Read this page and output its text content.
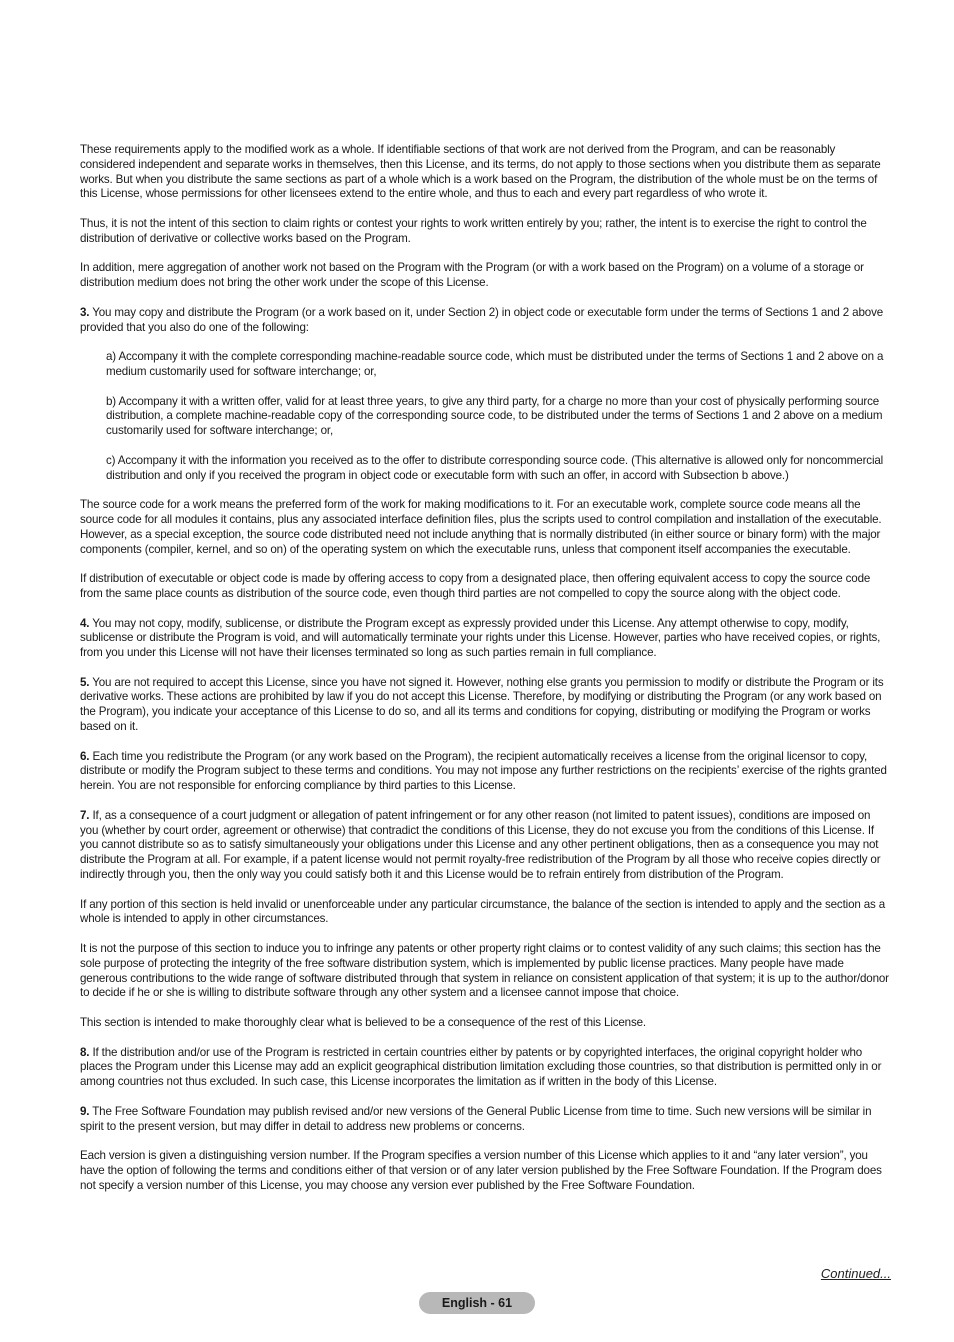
These requirements apply to the modified work as a whole. If identifiable sections of that work are not derived from the Program, and can be reasonably considered independent and separate works in themselves, then this License, and its terms, do not apply to those sections when you distribute them as separate works. But when you distribute the same sections as part of a whole which is a work based on the Program, the distribution of the whole must be on the terms of this License, whose permissions for other licensees extend to the entire whole, and thus to each and every part regardless of who wrote it.

Thus, it is not the intent of this section to claim rights or contest your rights to work written entirely by you; rather, the intent is to exercise the right to control the distribution of derivative or collective works based on the Program.

In addition, mere aggregation of another work not based on the Program with the Program (or with a work based on the Program) on a volume of a storage or distribution medium does not bring the other work under the scope of this License.

3. You may copy and distribute the Program (or a work based on it, under Section 2) in object code or executable form under the terms of Sections 1 and 2 above provided that you also do one of the following:

a) Accompany it with the complete corresponding machine-readable source code, which must be distributed under the terms of Sections 1 and 2 above on a medium customarily used for software interchange; or,

b) Accompany it with a written offer, valid for at least three years, to give any third party, for a charge no more than your cost of physically performing source distribution, a complete machine-readable copy of the corresponding source code, to be distributed under the terms of Sections 1 and 2 above on a medium customarily used for software interchange; or,

c) Accompany it with the information you received as to the offer to distribute corresponding source code. (This alternative is allowed only for noncommercial distribution and only if you received the program in object code or executable form with such an offer, in accord with Subsection b above.)

The source code for a work means the preferred form of the work for making modifications to it. For an executable work, complete source code means all the source code for all modules it contains, plus any associated interface definition files, plus the scripts used to control compilation and installation of the executable. However, as a special exception, the source code distributed need not include anything that is normally distributed (in either source or binary form) with the major components (compiler, kernel, and so on) of the operating system on which the executable runs, unless that component itself accompanies the executable.

If distribution of executable or object code is made by offering access to copy from a designated place, then offering equivalent access to copy the source code from the same place counts as distribution of the source code, even though third parties are not compelled to copy the source along with the object code.

4. You may not copy, modify, sublicense, or distribute the Program except as expressly provided under this License. Any attempt otherwise to copy, modify, sublicense or distribute the Program is void, and will automatically terminate your rights under this License. However, parties who have received copies, or rights, from you under this License will not have their licenses terminated so long as such parties remain in full compliance.

5. You are not required to accept this License, since you have not signed it. However, nothing else grants you permission to modify or distribute the Program or its derivative works. These actions are prohibited by law if you do not accept this License. Therefore, by modifying or distributing the Program (or any work based on the Program), you indicate your acceptance of this License to do so, and all its terms and conditions for copying, distributing or modifying the Program or works based on it.

6. Each time you redistribute the Program (or any work based on the Program), the recipient automatically receives a license from the original licensor to copy, distribute or modify the Program subject to these terms and conditions. You may not impose any further restrictions on the recipients’ exercise of the rights granted herein. You are not responsible for enforcing compliance by third parties to this License.

7. If, as a consequence of a court judgment or allegation of patent infringement or for any other reason (not limited to patent issues), conditions are imposed on you (whether by court order, agreement or otherwise) that contradict the conditions of this License, they do not excuse you from the conditions of this License. If you cannot distribute so as to satisfy simultaneously your obligations under this License and any other pertinent obligations, then as a consequence you may not distribute the Program at all. For example, if a patent license would not permit royalty-free redistribution of the Program by all those who receive copies directly or indirectly through you, then the only way you could satisfy both it and this License would be to refrain entirely from distribution of the Program.

If any portion of this section is held invalid or unenforceable under any particular circumstance, the balance of the section is intended to apply and the section as a whole is intended to apply in other circumstances.

It is not the purpose of this section to induce you to infringe any patents or other property right claims or to contest validity of any such claims; this section has the sole purpose of protecting the integrity of the free software distribution system, which is implemented by public license practices. Many people have made generous contributions to the wide range of software distributed through that system in reliance on consistent application of that system; it is up to the author/donor to decide if he or she is willing to distribute software through any other system and a licensee cannot impose that choice.

This section is intended to make thoroughly clear what is believed to be a consequence of the rest of this License.

8. If the distribution and/or use of the Program is restricted in certain countries either by patents or by copyrighted interfaces, the original copyright holder who places the Program under this License may add an explicit geographical distribution limitation excluding those countries, so that distribution is permitted only in or among countries not thus excluded. In such case, this License incorporates the limitation as if written in the body of this License.

9. The Free Software Foundation may publish revised and/or new versions of the General Public License from time to time. Such new versions will be similar in spirit to the present version, but may differ in detail to address new problems or concerns.

Each version is given a distinguishing version number. If the Program specifies a version number of this License which applies to it and “any later version”, you have the option of following the terms and conditions either of that version or of any later version published by the Free Software Foundation. If the Program does not specify a version number of this License, you may choose any version ever published by the Free Software Foundation.

Continued...
English - 61
